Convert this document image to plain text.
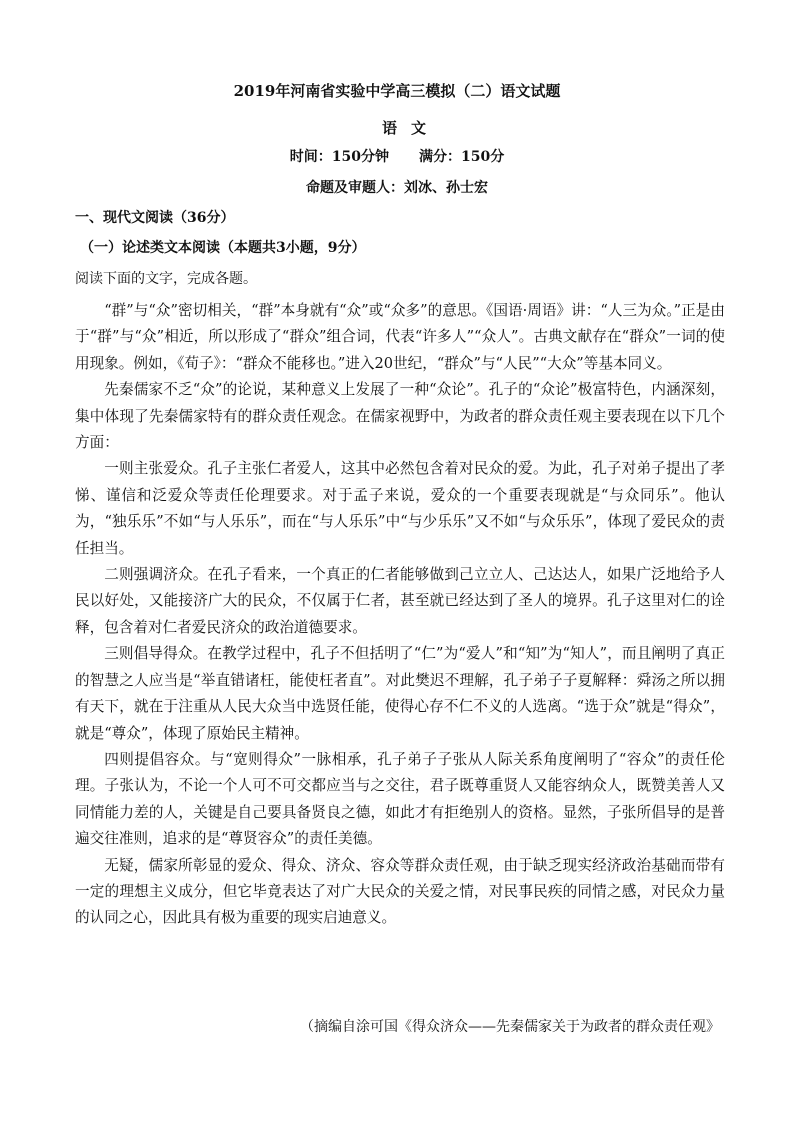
2019年河南省实验中学高三模拟（二）语文试题
语文
时间：150分钟 满分：150分
命题及审题人：刘冰、孙士宏
一、现代文阅读（36分）
（一）论述类文本阅读（本题共3小题，9分）
阅读下面的文字，完成各题。

“群”与“众”密切相关，“群”本身就有“众”或“众多”的意思。《国语·周语》讲：“人三为众。”正是由于“群”与“众”相近，所以形成了“群众”组合词，代表“许多人”“众人”。古典文献存在“群众”一词的使用现象。例如，《荀子》：“群众不能移也。”进入20世纪，“群众”与“人民”“大众”等基本同义。

先秦儒家不乏“众”的论说，某种意义上发展了一种“众论”。孔子的“众论”极富特色，内涵深刻，集中体现了先秦儒家特有的群众责任观念。在儒家视野中，为政者的群众责任观主要表现在以下几个方面：

一则主张爱众。孔子主张仁者爱人，这其中必然包含着对民众的爱。为此，孔子对弟子提出了孝悌、谨信和泛爱众等责任伦理要求。对于孟子来说，爱众的一个重要表现就是“与众同乐”。他认为，“独乐乐”不如“与人乐乐”，而在“与人乐乐”中“与少乐乐”又不如“与众乐乐”，体现了爱民众的责任担当。

二则强调济众。在孔子看来，一个真正的仁者能够做到己立立人、己达达人，如果广泛地给予人民以好处，又能接济广大的民众，不仅属于仁者，甚至就已经达到了圣人的境界。孔子这里对仁的诠释，包含着对仁者爱民济众的政治道德要求。

三则倡导得众。在教学过程中，孔子不但括明了“仁”为“爱人”和“知”为“知人”，而且阐明了真正的智慧之人应当是“举直错诸枉，能使枉者直”。对此樊迟不理解，孔子弟子子夏解释：舜汤之所以拥有天下，就在于注重从人民大众当中选贤任能，使得心存不仁不义的人选离。“选于众”就是“得众”，就是“尊众”，体现了原始民主精神。

四则提倡容众。与“宽则得众”一脉相承，孔子弟子子张从人际关系角度阐明了“容众”的责任伦理。子张认为，不论一个人可不可交都应当与之交往，君子既尊重贤人又能容纳众人，既赞美善人又同情能力差的人，关键是自己要具备贤良之德，如此才有拒绝别人的资格。显然，子张所倡导的是普遍交往准则，追求的是“尊贤容众”的责任美德。

无疑，儒家所彰显的爱众、得众、济众、容众等群众责任观，由于缺乏现实经济政治基础而带有一定的理想主义成分，但它毕竟表达了对广大民众的关爱之情，对民事民疾的同情之感，对民众力量的认同之心，因此具有极为重要的现实启迪意义。

（摘编自涂可国《得众济众——先秦儒家关于为政者的群众责任观》
